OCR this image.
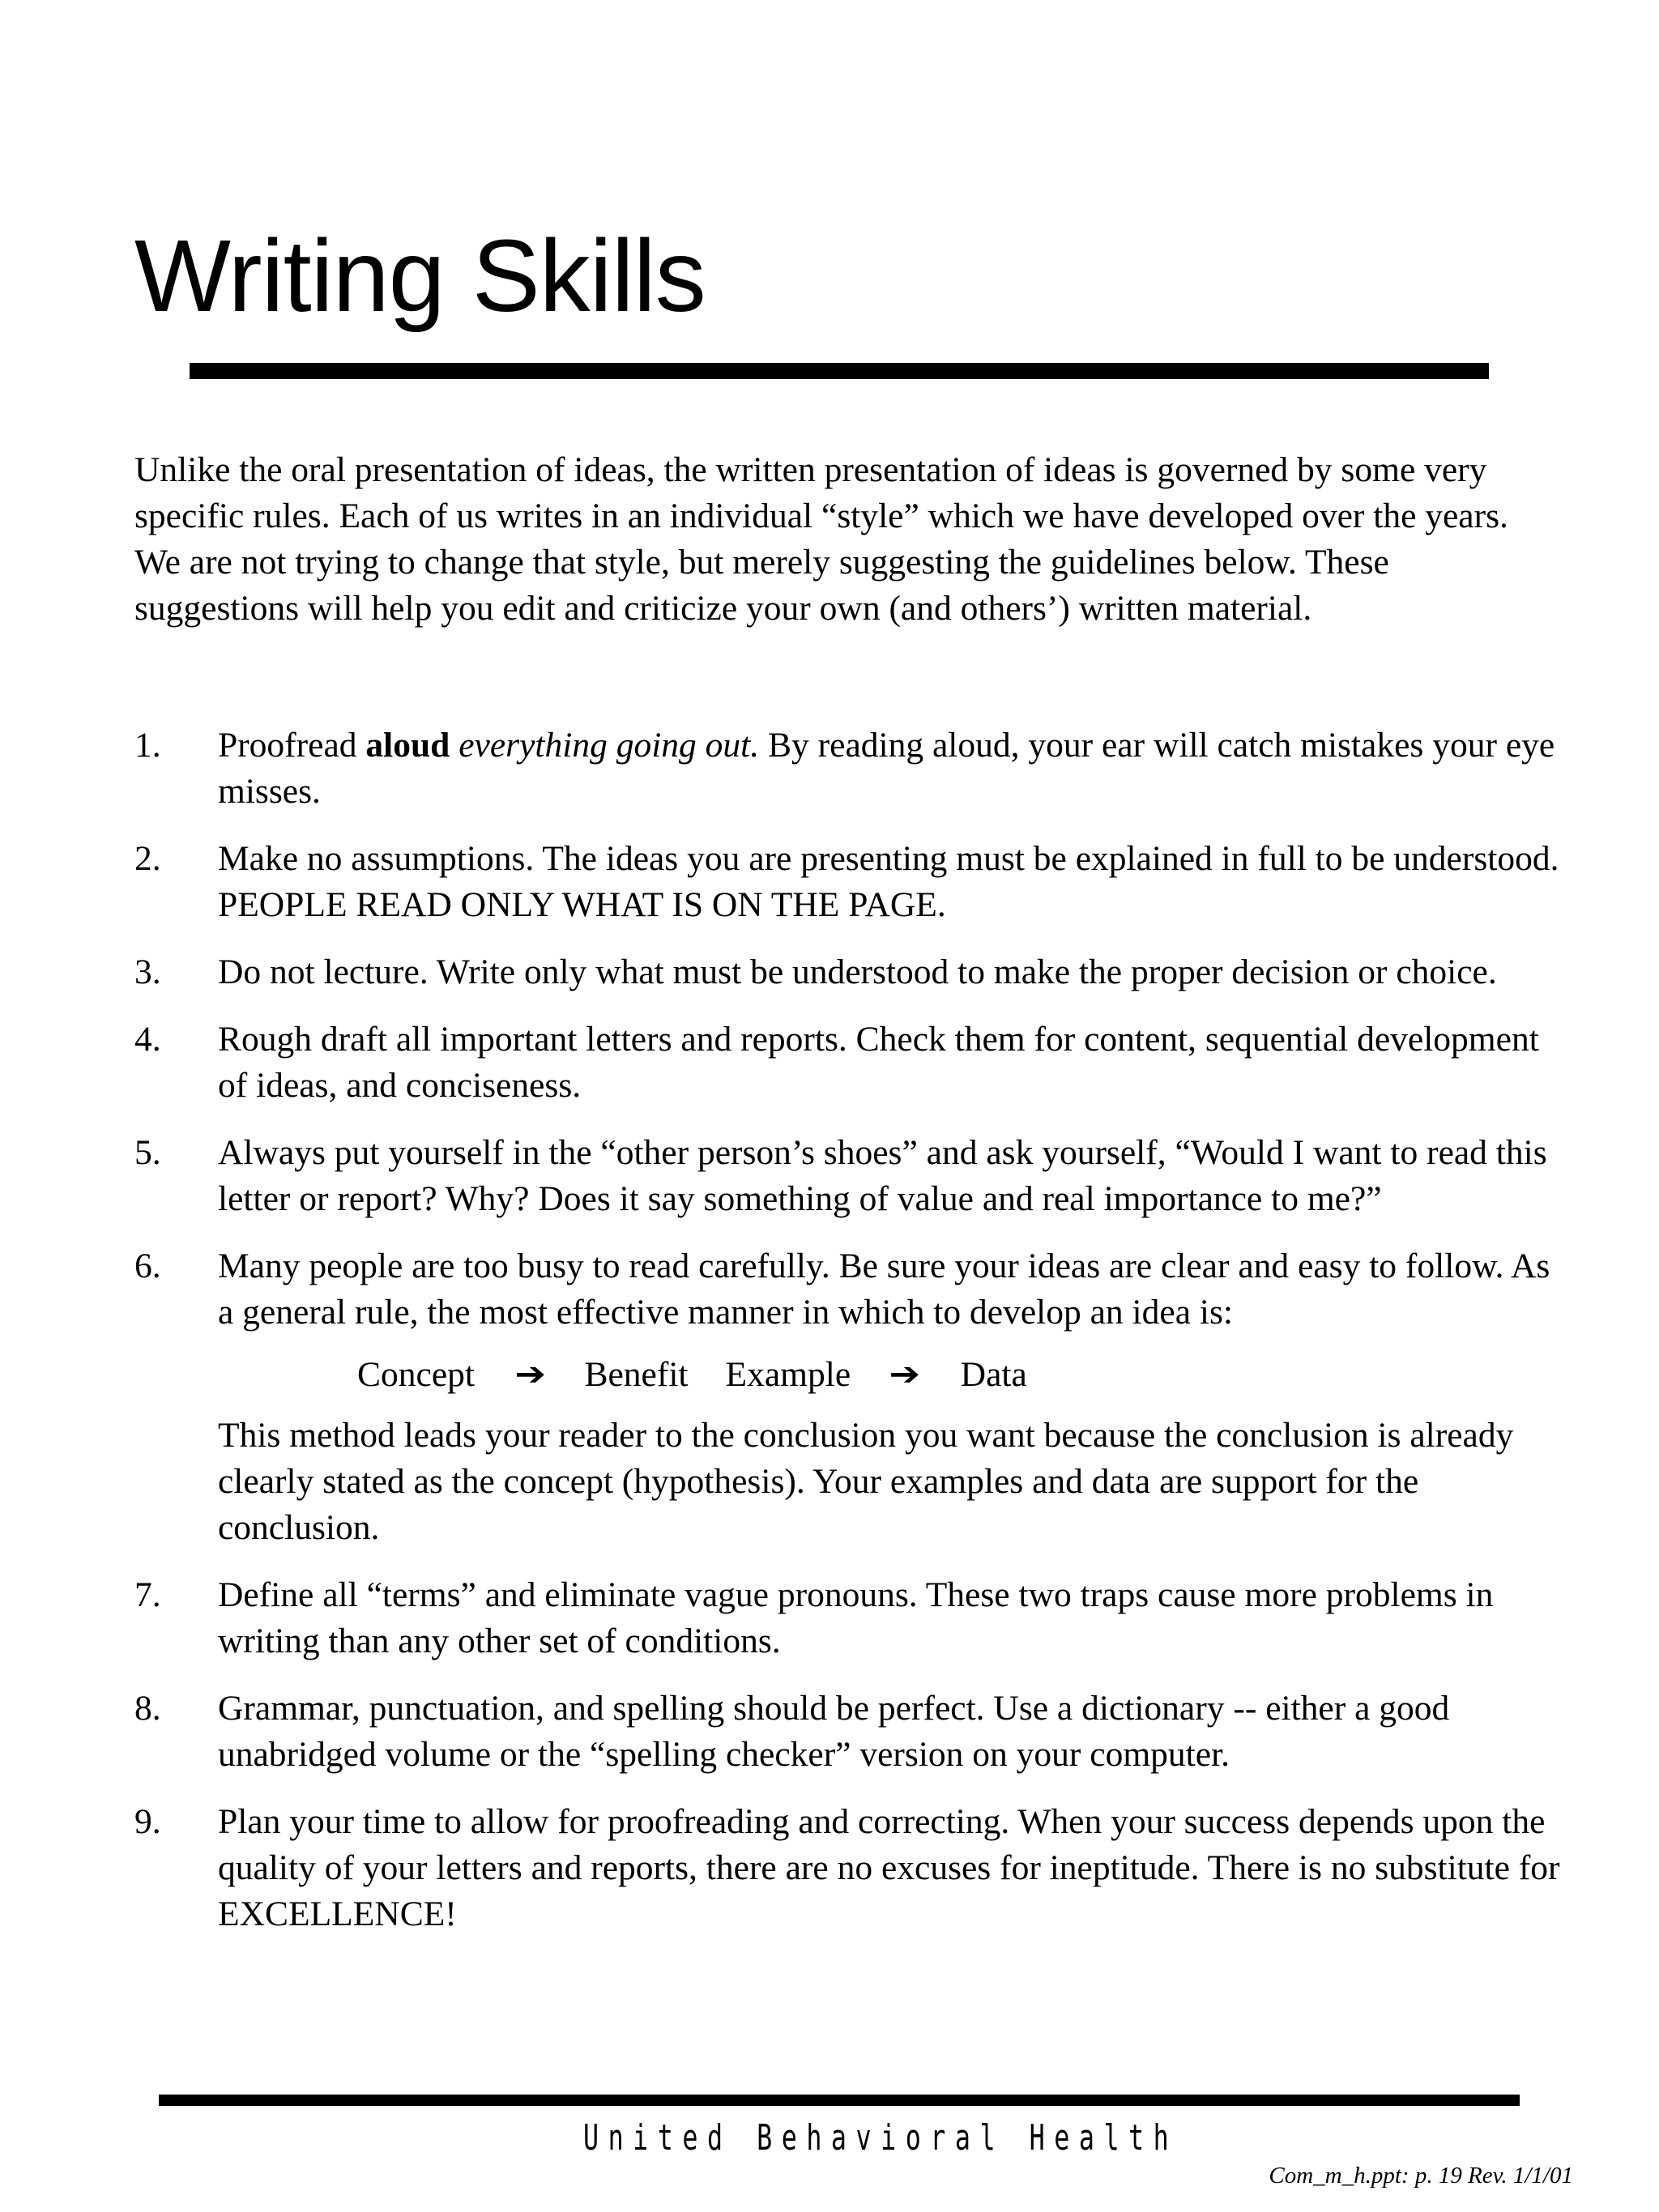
Writing Skills

Unlike the oral presentation of ideas, the written presentation of ideas is governed by some very specific rules. Each of us writes in an individual “style” which we have developed over the years. We are not trying to change that style, but merely suggesting the guidelines below. These suggestions will help you edit and criticize your own (and others’) written material.

1. Proofread aloud everything going out. By reading aloud, your ear will catch mistakes your eye misses.
2. Make no assumptions. The ideas you are presenting must be explained in full to be understood. PEOPLE READ ONLY WHAT IS ON THE PAGE.
3. Do not lecture. Write only what must be understood to make the proper decision or choice.
4. Rough draft all important letters and reports. Check them for content, sequential development of ideas, and conciseness.
5. Always put yourself in the “other person’s shoes” and ask yourself, “Would I want to read this letter or report? Why? Does it say something of value and real importance to me?”
6. Many people are too busy to read carefully. Be sure your ideas are clear and easy to follow. As a general rule, the most effective manner in which to develop an idea is:
Concept ➔ Benefit Example ➔ Data
This method leads your reader to the conclusion you want because the conclusion is already clearly stated as the concept (hypothesis). Your examples and data are support for the conclusion.
7. Define all “terms” and eliminate vague pronouns. These two traps cause more problems in writing than any other set of conditions.
8. Grammar, punctuation, and spelling should be perfect. Use a dictionary -- either a good unabridged volume or the “spelling checker” version on your computer.
9. Plan your time to allow for proofreading and correcting. When your success depends upon the quality of your letters and reports, there are no excuses for ineptitude. There is no substitute for EXCELLENCE!
United Behavioral Health
Com_m_h.ppt: p. 19 Rev. 1/1/01
